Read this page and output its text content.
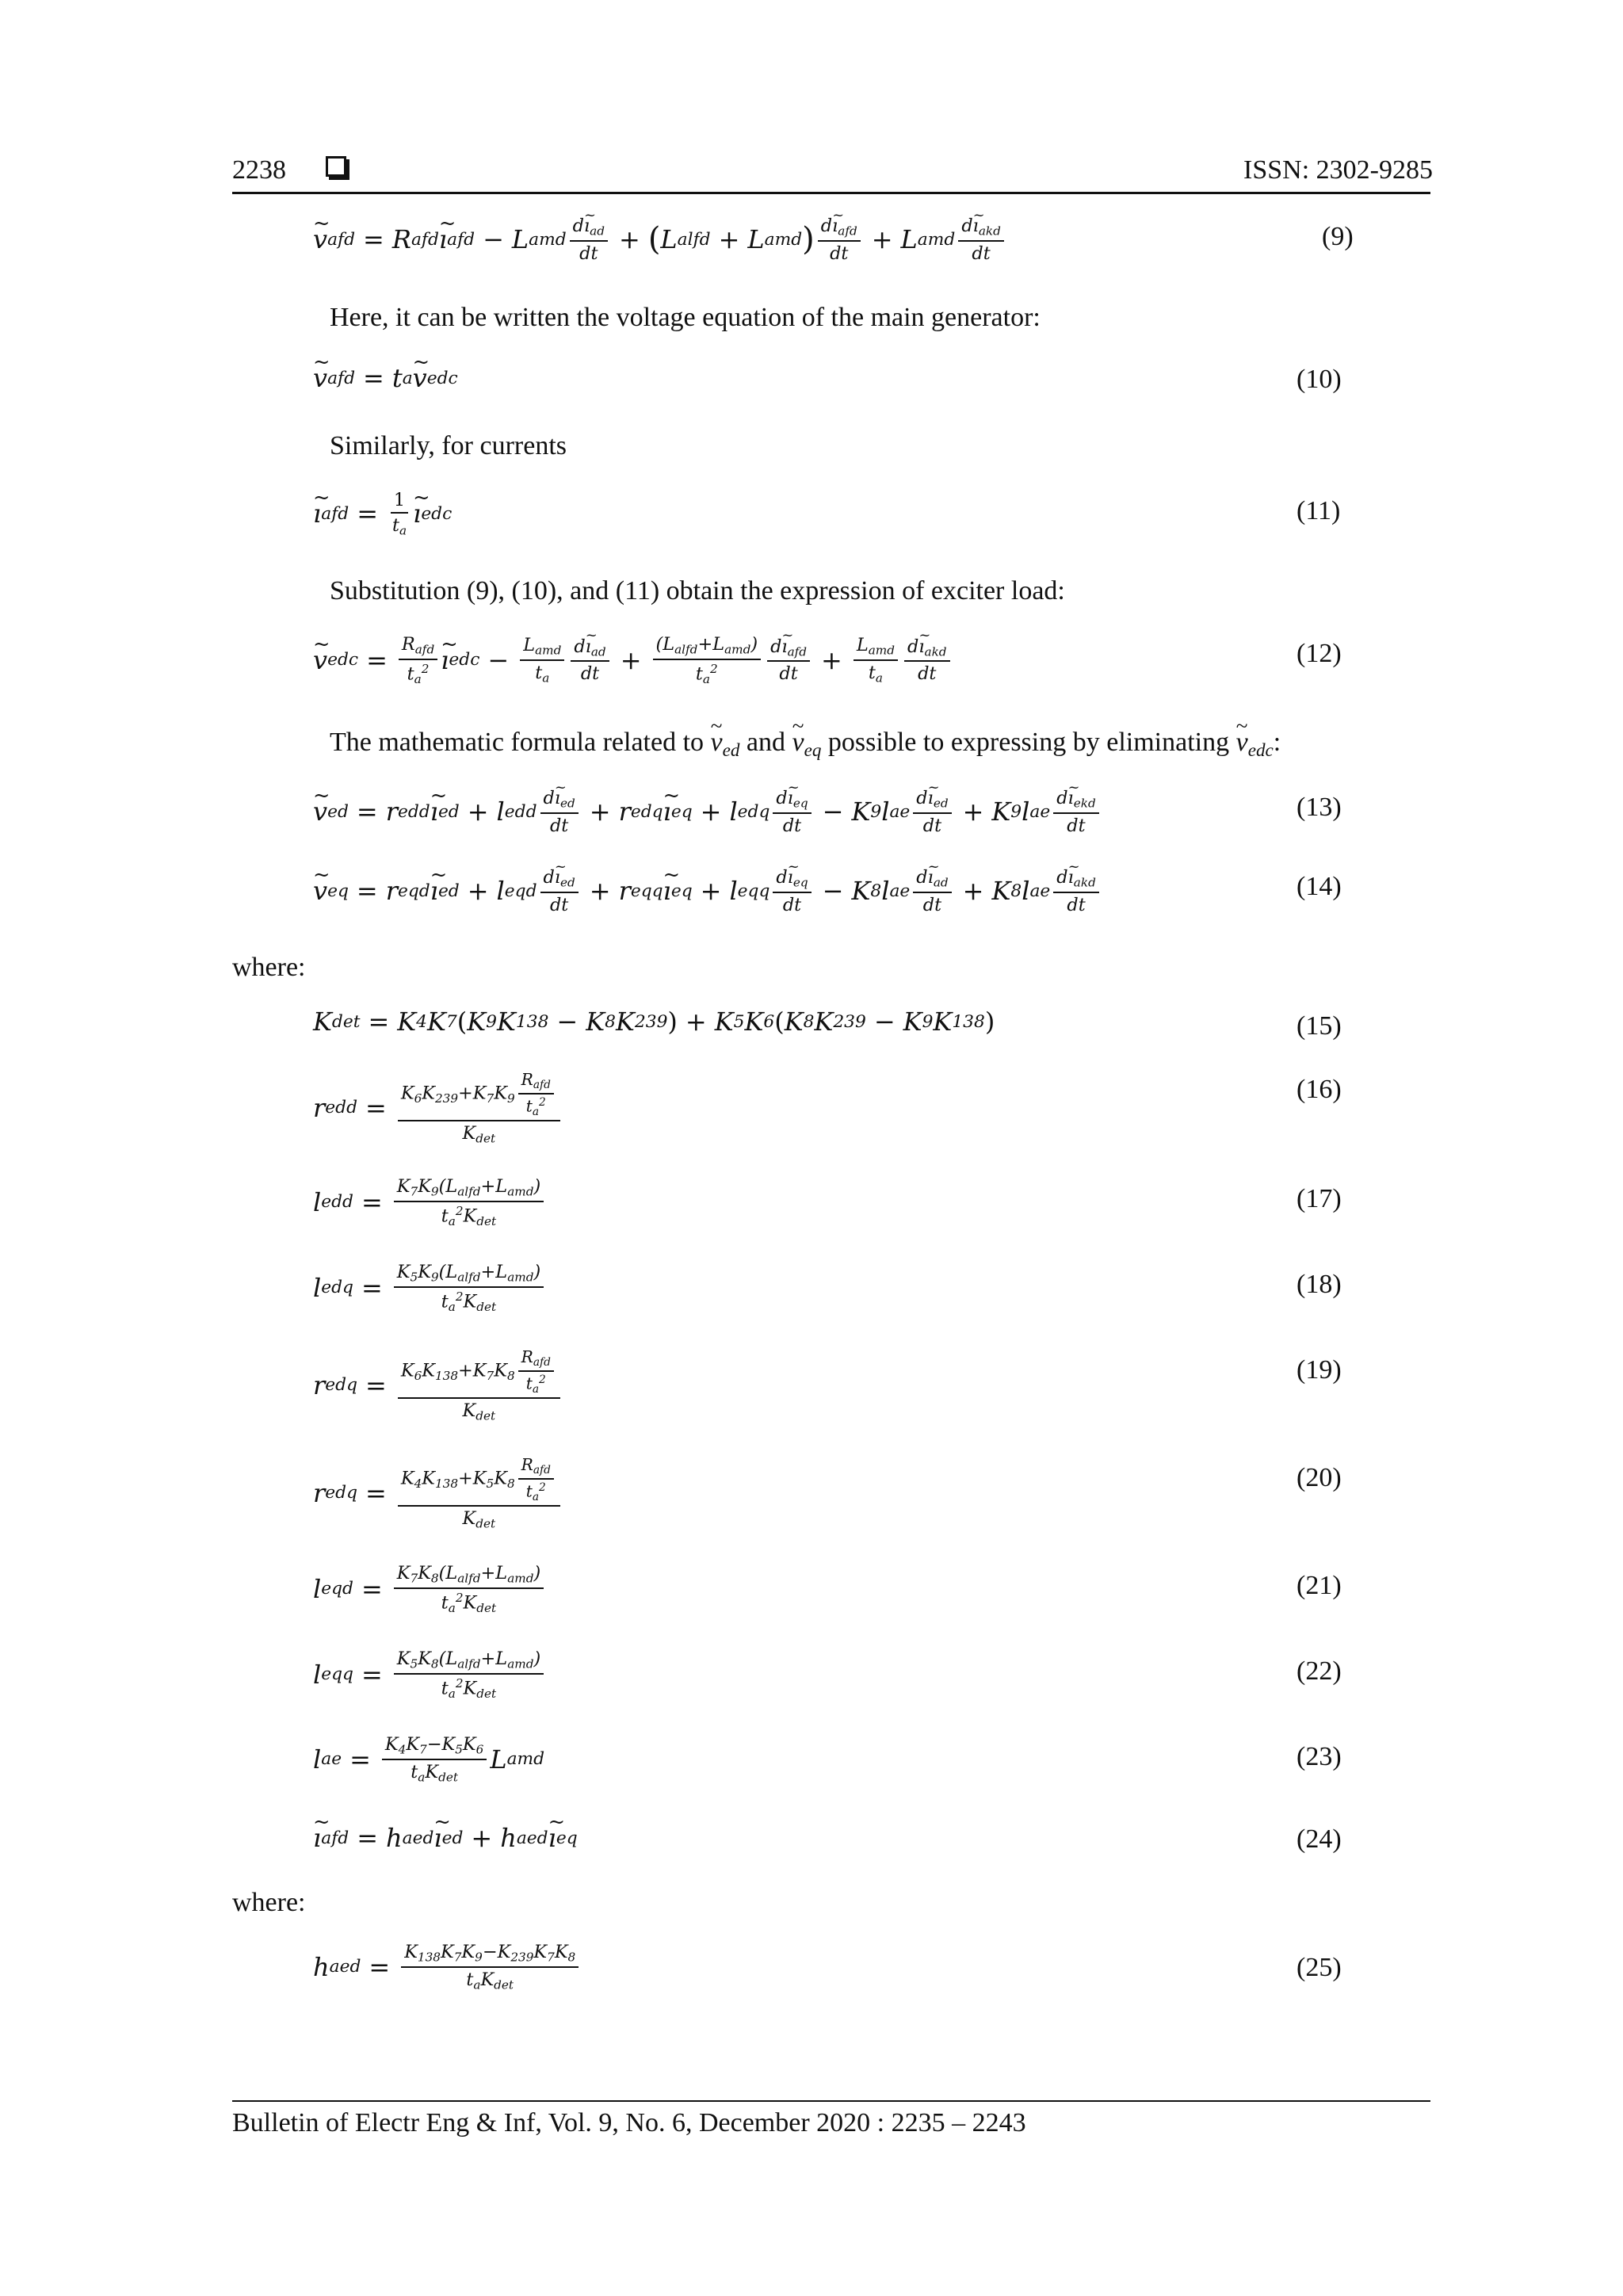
2238	ISSN: 2302-9285
~ v afd = R afd ~ ı afd − L amd $\frac{d\sim ı_{ad}}{dt}$ + ( L alfd + L amd ) $\frac{d\sim ı_{afd}}{dt} + L$ amd $\frac{d\sim ı_{akd}}{dt}$	(9)
Here, it can be written the voltage equation of the main generator:
~ v afd = t a ~ v edc	(10)
Similarly, for currents
~ ı afd = $\frac{1}{t_a}$ ~ ı edc	(11)
Substitution (9), (10), and (11) obtain the expression of exciter load:
~ v edc = $\frac{R_{afd}}{t_a^2}$ ~ ı edc − $\frac{L_{amd}}{t_a} \frac{d\sim ı_{ad}}{dt} + \frac{(L_{alfd}+L_{amd})}{t_a^2} \frac{d\sim ı_{afd}}{dt} + \frac{L_{amd}}{t_a} \frac{d\sim ı_{akd}}{dt}$	(12)
The mathematic formula related to ~ $v_{ed}$ and ~ $v_{eq}$ possible to expressing by eliminating ~ $v_{edc}$:
~ v ed = r edd ~ ı ed + l edd $\frac{d\sim ı_{ed}}{dt} + r$ edq ~ ı eq + l edq $\frac{d\sim ı_{eq}}{dt} - K$ 9 l ae $\frac{d\sim ı_{ed}}{dt} + K$ 9 l ae $\frac{d\sim ı_{ekd}}{dt}$	(13)
~ v eq = r eqd ~ ı ed + l eqd $\frac{d\sim ı_{ed}}{dt} + r$ eqq ~ ı eq + l eqq $\frac{d\sim ı_{eq}}{dt} - K$ 8 l ae $\frac{d\sim ı_{ad}}{dt} + K$ 8 l ae $\frac{d\sim ı_{akd}}{dt}$	(14)
where:
K det = K 4 K 7 ( K 9 K 138 − K 8 K 239 ) + K 5 K 6 ( K 8 K 239 − K 9 K 138 )	(15)
r edd = $\frac{K_6K_{239}+K_7K_9 \frac{R_{afd}}{t_a^2}}{K_{det}}$	(16)
l edd = $\frac{K_7K_9(L_{alfd}+L_{amd})}{t_a^2K_{det}}$	(17)
l edq = $\frac{K_5K_9(L_{alfd}+L_{amd})}{t_a^2K_{det}}$	(18)
r edq = $\frac{K_6K_{138}+K_7K_8 \frac{R_{afd}}{t_a^2}}{K_{det}}$	(19)
r edq = $\frac{K_4K_{138}+K_5K_8 \frac{R_{afd}}{t_a^2}}{K_{det}}$	(20)
l eqd = $\frac{K_7K_8(L_{alfd}+L_{amd})}{t_a^2K_{det}}$	(21)
l eqq = $\frac{K_5K_8(L_{alfd}+L_{amd})}{t_a^2K_{det}}$	(22)
l ae = $\frac{K_4K_7-K_5K_6}{t_aK_{det}}$ L amd	(23)
~ ı afd = h aed ~ ı ed + h aed ~ ı eq	(24)
where:
h aed = $\frac{K_{138}K_7K_9-K_{239}K_7K_8}{t_aK_{det}}$	(25)
Bulletin of Electr Eng & Inf, Vol. 9, No. 6, December 2020 : 2235 – 2243
